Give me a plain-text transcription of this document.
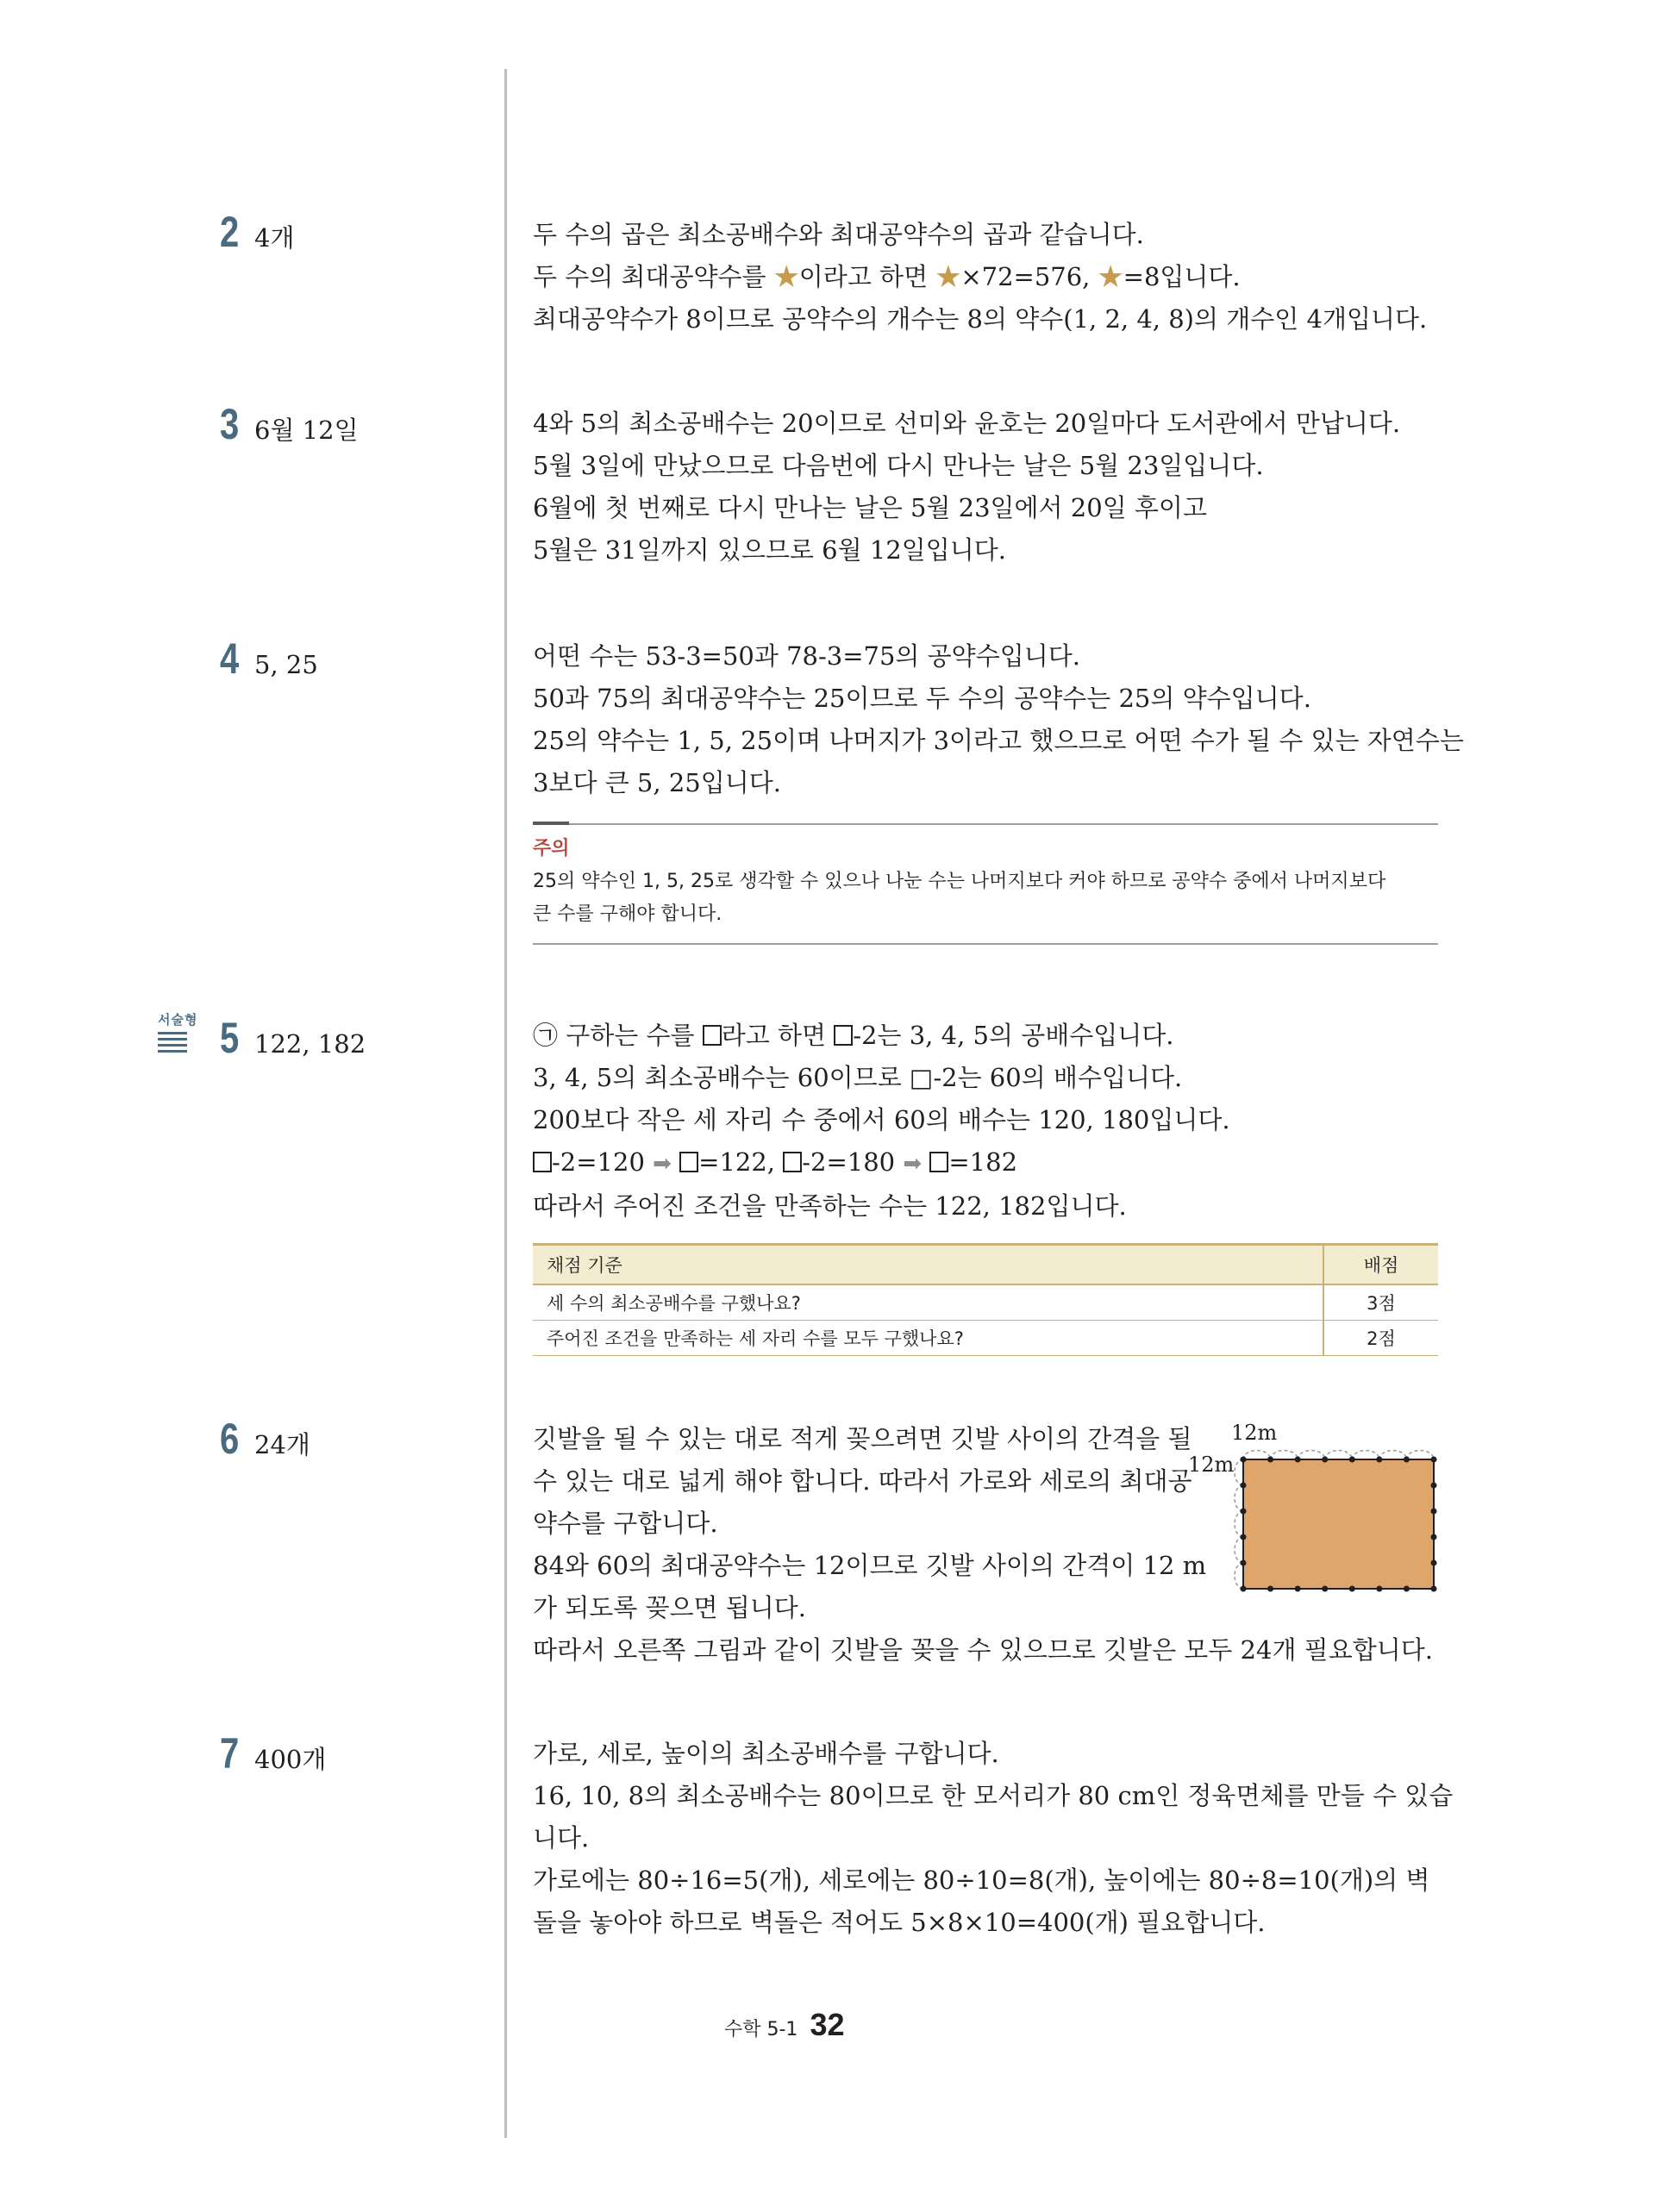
2 4개	두 수의 곱은 최소공배수와 최대공약수의 곱과 같습니다.

두 수의 최대공약수를 ★이라고 하면 ★×72=576, ★=8입니다.

최대공약수가 8이므로 공약수의 개수는 8의 약수(1, 2, 4, 8)의 개수인 4개입니다.

3 6월 12일	4와 5의 최소공배수는 20이므로 선미와 윤호는 20일마다 도서관에서 만납니다.

5월 3일에 만났으므로 다음번에 다시 만나는 날은 5월 23일입니다.

6월에 첫 번째로 다시 만나는 날은 5월 23일에서 20일 후이고

5월은 31일까지 있으므로 6월 12일입니다.

4 5, 25	어떤 수는 53-3=50과 78-3=75의 공약수입니다.

50과 75의 최대공약수는 25이므로 두 수의 공약수는 25의 약수입니다.

25의 약수는 1, 5, 25이며 나머지가 3이라고 했으므로 어떤 수가 될 수 있는 자연수는

3보다 큰 5, 25입니다.

주의
25의 약수인 1, 5, 25로 생각할 수 있으나 나눈 수는 나머지보다 커야 하므로 공약수 중에서 나머지보다
큰 수를 구해야 합니다.
서술형 5 122, 182	㉠ 구하는 수를 라고 하면 -2는 3, 4, 5의 공배수입니다.

3, 4, 5의 최소공배수는 60이므로 □-2는 60의 배수입니다.

200보다 작은 세 자리 수 중에서 60의 배수는 120, 180입니다.

-2=120 ➡ =122, -2=180 ➡ =182

따라서 주어진 조건을 만족하는 수는 122, 182입니다.

채점 기준	배점
세 수의 최소공배수를 구했나요?	3점
주어진 조건을 만족하는 세 자리 수를 모두 구했나요?	2점
6 24개	깃발을 될 수 있는 대로 적게 꽂으려면 깃발 사이의 간격을 될

수 있는 대로 넓게 해야 합니다. 따라서 가로와 세로의 최대공

약수를 구합니다.

84와 60의 최대공약수는 12이므로 깃발 사이의 간격이 12 m

가 되도록 꽂으면 됩니다.

따라서 오른쪽 그림과 같이 깃발을 꽂을 수 있으므로 깃발은 모두 24개 필요합니다.

12m
12m
7 400개	가로, 세로, 높이의 최소공배수를 구합니다.

16, 10, 8의 최소공배수는 80이므로 한 모서리가 80 cm인 정육면체를 만들 수 있습

니다.

가로에는 80÷16=5(개), 세로에는 80÷10=8(개), 높이에는 80÷8=10(개)의 벽

돌을 놓아야 하므로 벽돌은 적어도 5×8×10=400(개) 필요합니다.

수학 5-1 32
